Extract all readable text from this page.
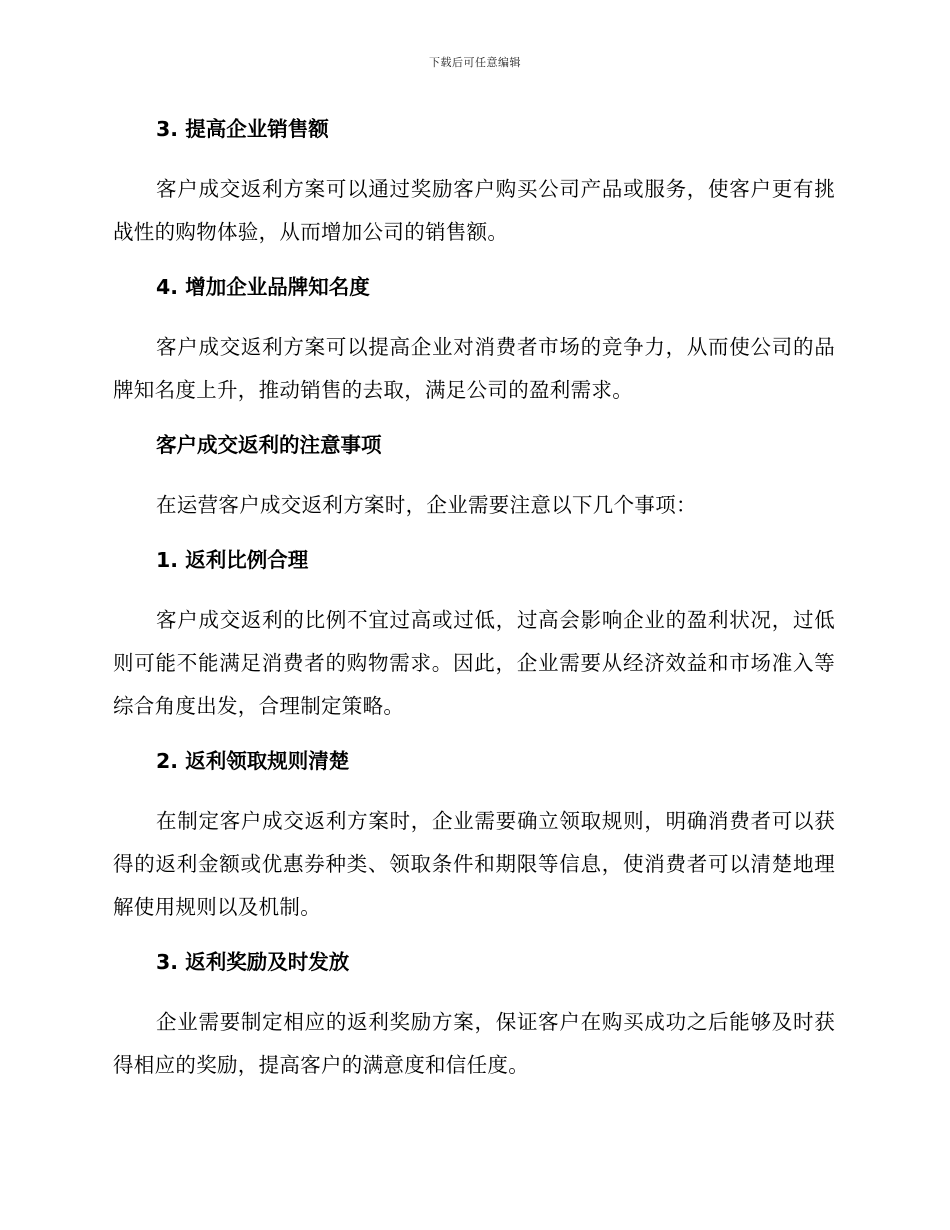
下载后可任意编辑
3. 提高企业销售额
客户成交返利方案可以通过奖励客户购买公司产品或服务，使客户更有挑战性的购物体验，从而增加公司的销售额。
4. 增加企业品牌知名度
客户成交返利方案可以提高企业对消费者市场的竞争力，从而使公司的品牌知名度上升，推动销售的去取，满足公司的盈利需求。
客户成交返利的注意事项
在运营客户成交返利方案时，企业需要注意以下几个事项：
1. 返利比例合理
客户成交返利的比例不宜过高或过低，过高会影响企业的盈利状况，过低则可能不能满足消费者的购物需求。因此，企业需要从经济效益和市场准入等综合角度出发，合理制定策略。
2. 返利领取规则清楚
在制定客户成交返利方案时，企业需要确立领取规则，明确消费者可以获得的返利金额或优惠券种类、领取条件和期限等信息，使消费者可以清楚地理解使用规则以及机制。
3. 返利奖励及时发放
企业需要制定相应的返利奖励方案，保证客户在购买成功之后能够及时获得相应的奖励，提高客户的满意度和信任度。
